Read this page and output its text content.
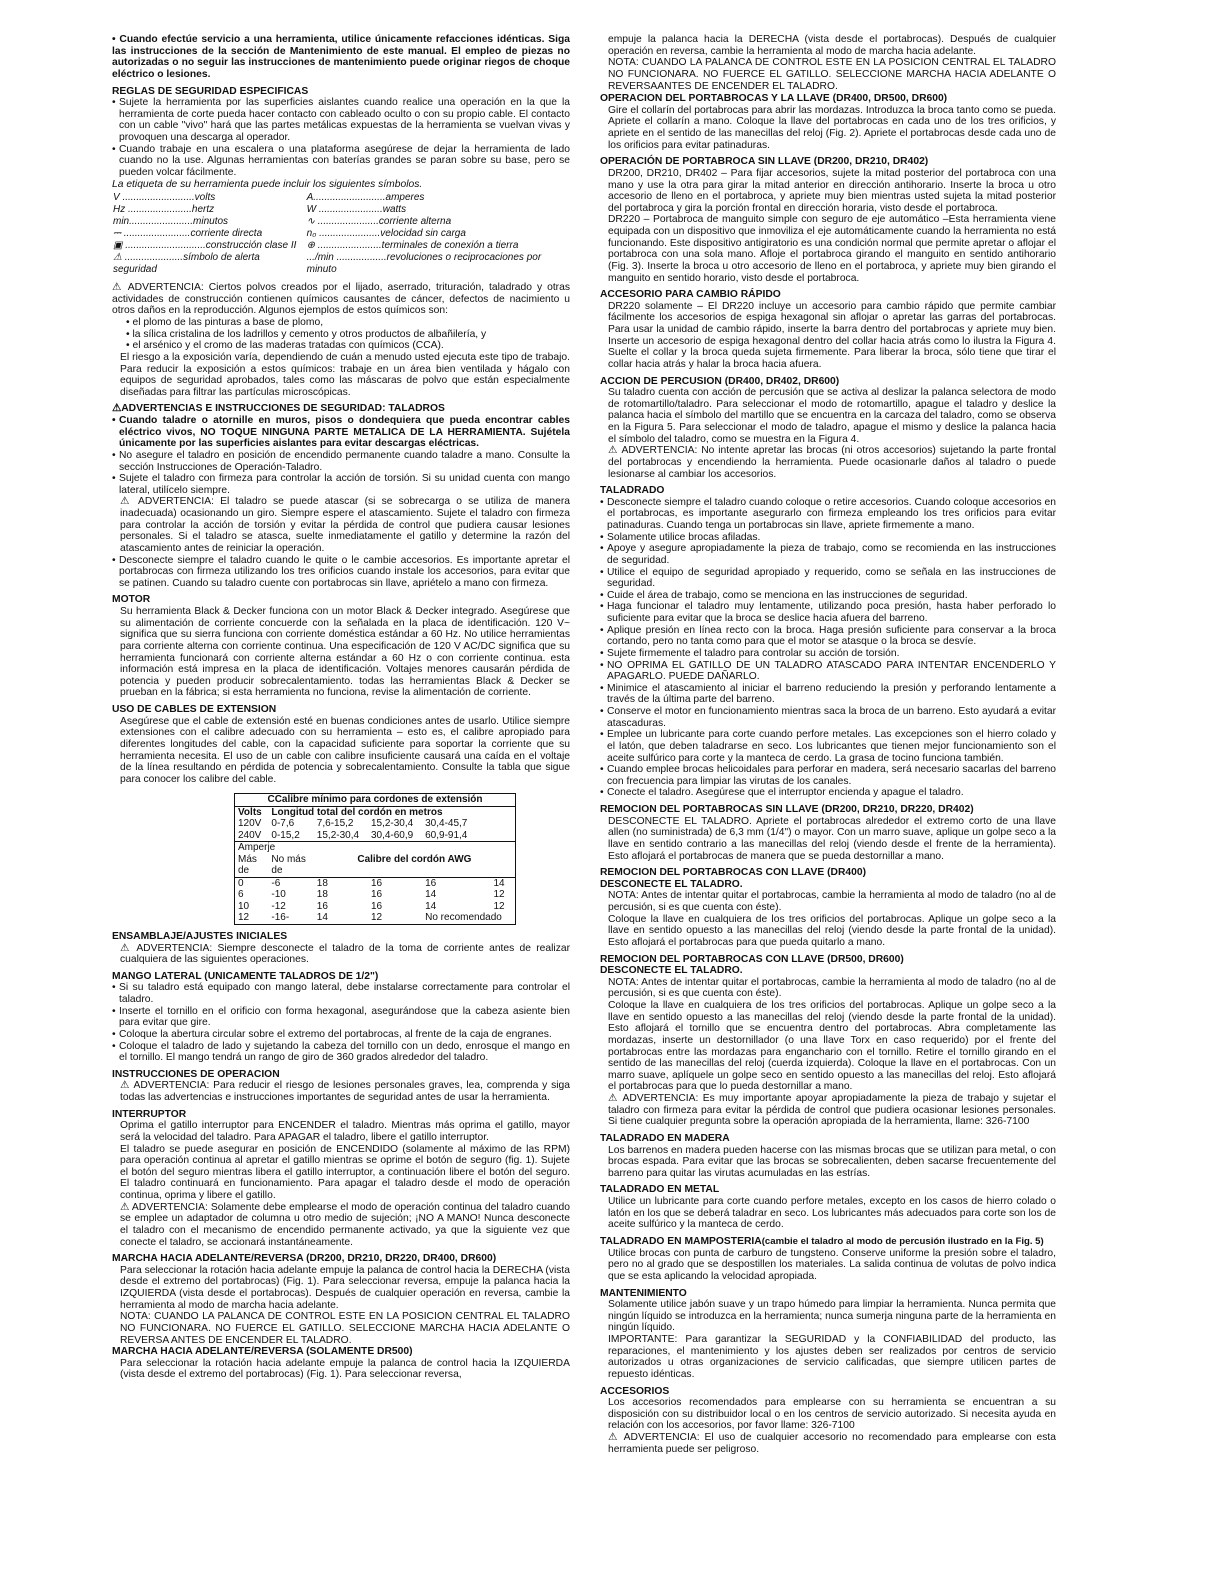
• Cuando efectúe servicio a una herramienta, utilice únicamente refacciones idénticas. Siga las instrucciones de la sección de Mantenimiento de este manual. El empleo de piezas no autorizadas o no seguir las instrucciones de mantenimiento puede originar riegos de choque eléctrico o lesiones.

REGLAS DE SEGURIDAD ESPECIFICAS

• Sujete la herramienta por las superficies aislantes cuando realice una operación en la que la herramienta de corte pueda hacer contacto con cableado oculto o con su propio cable. El contacto con un cable "vivo" hará que las partes metálicas expuestas de la herramienta se vuelvan vivas y provoquen una descarga al operador.

• Cuando trabaje en una escalera o una plataforma asegúrese de dejar la herramienta de lado cuando no la use. Algunas herramientas con baterías grandes se paran sobre su base, pero se pueden volcar fácilmente.

La etiqueta de su herramienta puede incluir los siguientes símbolos.

V ..........................volts	A..........................amperes
Hz .......................hertz	W .......................watts
min.......................minutos	∿ ......................corriente alterna
⎓ ........................corriente directa	n₀ ......................velocidad sin carga
▣ .............................construcción clase II	⊕ .......................terminales de conexión a tierra
⚠ .....................símbolo de alerta seguridad	.../min ..................revoluciones o reciprocaciones por minuto

⚠ ADVERTENCIA: Ciertos polvos creados por el lijado, aserrado, trituración, taladrado y otras actividades de construcción contienen químicos causantes de cáncer, defectos de nacimiento u otros daños en la reproducción. Algunos ejemplos de estos químicos son:

• el plomo de las pinturas a base de plomo,

• la sílica cristalina de los ladrillos y cemento y otros productos de albañilería, y

• el arsénico y el cromo de las maderas tratadas con químicos (CCA).

El riesgo a la exposición varía, dependiendo de cuán a menudo usted ejecuta este tipo de trabajo. Para reducir la exposición a estos químicos: trabaje en un área bien ventilada y hágalo con equipos de seguridad aprobados, tales como las máscaras de polvo que están especialmente diseñadas para filtrar las partículas microscópicas.

⚠ADVERTENCIAS E INSTRUCCIONES DE SEGURIDAD: TALADROS

• Cuando taladre o atornille en muros, pisos o dondequiera que pueda encontrar cables eléctrico vivos, NO TOQUE NINGUNA PARTE METALICA DE LA HERRAMIENTA. Sujétela únicamente por las superficies aislantes para evitar descargas eléctricas.

• No asegure el taladro en posición de encendido permanente cuando taladre a mano. Consulte la sección Instrucciones de Operación-Taladro.

• Sujete el taladro con firmeza para controlar la acción de torsión. Si su unidad cuenta con mango lateral, utilícelo siempre.

⚠ ADVERTENCIA: El taladro se puede atascar (si se sobrecarga o se utiliza de manera inadecuada) ocasionando un giro. Siempre espere el atascamiento. Sujete el taladro con firmeza para controlar la acción de torsión y evitar la pérdida de control que pudiera causar lesiones personales. Si el taladro se atasca, suelte inmediatamente el gatillo y determine la razón del atascamiento antes de reiniciar la operación.

• Desconecte siempre el taladro cuando le quite o le cambie accesorios. Es importante apretar el portabrocas con firmeza utilizando los tres orificios cuando instale los accesorios, para evitar que se patinen. Cuando su taladro cuente con portabrocas sin llave, apriételo a mano con firmeza.

MOTOR

Su herramienta Black & Decker funciona con un motor Black & Decker integrado. Asegúrese que su alimentación de corriente concuerde con la señalada en la placa de identificación. 120 V~ significa que su sierra funciona con corriente doméstica estándar a 60 Hz. No utilice herramientas para corriente alterna con corriente continua. Una especificación de 120 V AC/DC significa que su herramienta funcionará con corriente alterna estándar a 60 Hz o con corriente continua. esta información está impresa en la placa de identificación. Voltajes menores causarán pérdida de potencia y pueden producir sobrecalentamiento. todas las herramientas Black & Decker se prueban en la fábrica; si esta herramienta no funciona, revise la alimentación de corriente.

USO DE CABLES DE EXTENSION

Asegúrese que el cable de extensión esté en buenas condiciones antes de usarlo. Utilice siempre extensiones con el calibre adecuado con su herramienta – esto es, el calibre apropiado para diferentes longitudes del cable, con la capacidad suficiente para soportar la corriente que su herramienta necesita. El uso de un cable con calibre insuficiente causará una caída en el voltaje de la línea resultando en pérdida de potencia y sobrecalentamiento. Consulte la tabla que sigue para conocer los calibre del cable.

CCalibre mínimo para cordones de extensión					
Volts	Longitud total del cordón en metros				
120V	0-7,6	7,6-15,2	15,2-30,4	30,4-45,7	
240V	0-15,2	15,2-30,4	30,4-60,9	60,9-91,4	
Amperje					
Más	No más	Calibre del cordón AWG			
de	de				
0	-6	18	16	16	14
6	-10	18	16	14	12
10	-12	16	16	14	12
12	-16-	14	12	No recomendado	

ENSAMBLAJE/AJUSTES INICIALES

⚠ ADVERTENCIA: Siempre desconecte el taladro de la toma de corriente antes de realizar cualquiera de las siguientes operaciones.

MANGO LATERAL (UNICAMENTE TALADROS DE 1/2")

• Si su taladro está equipado con mango lateral, debe instalarse correctamente para controlar el taladro.

• Inserte el tornillo en el orificio con forma hexagonal, asegurándose que la cabeza asiente bien para evitar que gire.

• Coloque la abertura circular sobre el extremo del portabrocas, al frente de la caja de engranes.

• Coloque el taladro de lado y sujetando la cabeza del tornillo con un dedo, enrosque el mango en el tornillo. El mango tendrá un rango de giro de 360 grados alrededor del taladro.

INSTRUCCIONES DE OPERACION

⚠ ADVERTENCIA: Para reducir el riesgo de lesiones personales graves, lea, comprenda y siga todas las advertencias e instrucciones importantes de seguridad antes de usar la herramienta.

INTERRUPTOR

Oprima el gatillo interruptor para ENCENDER el taladro. Mientras más oprima el gatillo, mayor será la velocidad del taladro. Para APAGAR el taladro, libere el gatillo interruptor.

El taladro se puede asegurar en posición de ENCENDIDO (solamente al máximo de las RPM) para operación continua al apretar el gatillo mientras se oprime el botón de seguro (fig. 1). Sujete el botón del seguro mientras libera el gatillo interruptor, a continuación libere el botón del seguro. El taladro continuará en funcionamiento. Para apagar el taladro desde el modo de operación continua, oprima y libere el gatillo.

⚠ ADVERTENCIA: Solamente debe emplearse el modo de operación continua del taladro cuando se emplee un adaptador de columna u otro medio de sujeción; ¡NO A MANO! Nunca desconecte el taladro con el mecanismo de encendido permanente activado, ya que la siguiente vez que conecte el taladro, se accionará instantáneamente.

MARCHA HACIA ADELANTE/REVERSA (DR200, DR210, DR220, DR400, DR600)

Para seleccionar la rotación hacia adelante empuje la palanca de control hacia la DERECHA (vista desde el extremo del portabrocas) (Fig. 1). Para seleccionar reversa, empuje la palanca hacia la IZQUIERDA (vista desde el portabrocas). Después de cualquier operación en reversa, cambie la herramienta al modo de marcha hacia adelante.

NOTA: CUANDO LA PALANCA DE CONTROL ESTE EN LA POSICION CENTRAL EL TALADRO NO FUNCIONARA. NO FUERCE EL GATILLO. SELECCIONE MARCHA HACIA ADELANTE O REVERSA ANTES DE ENCENDER EL TALADRO.

MARCHA HACIA ADELANTE/REVERSA (SOLAMENTE DR500)

Para seleccionar la rotación hacia adelante empuje la palanca de control hacia la IZQUIERDA (vista desde el extremo del portabrocas) (Fig. 1). Para seleccionar reversa,

empuje la palanca hacia la DERECHA (vista desde el portabrocas). Después de cualquier operación en reversa, cambie la herramienta al modo de marcha hacia adelante.

NOTA: CUANDO LA PALANCA DE CONTROL ESTE EN LA POSICION CENTRAL EL TALADRO NO FUNCIONARA. NO FUERCE EL GATILLO. SELECCIONE MARCHA HACIA ADELANTE O REVERSAANTES DE ENCENDER EL TALADRO.

OPERACION DEL PORTABROCAS Y LA LLAVE (DR400, DR500, DR600)

Gire el collarín del portabrocas para abrir las mordazas. Introduzca la broca tanto como se pueda. Apriete el collarín a mano. Coloque la llave del portabrocas en cada uno de los tres orificios, y apriete en el sentido de las manecillas del reloj (Fig. 2). Apriete el portabrocas desde cada uno de los orificios para evitar patinaduras.

OPERACIÓN DE PORTABROCA SIN LLAVE (DR200, DR210, DR402)

DR200, DR210, DR402 – Para fijar accesorios, sujete la mitad posterior del portabroca con una mano y use la otra para girar la mitad anterior en dirección antihorario. Inserte la broca u otro accesorio de lleno en el portabroca, y apriete muy bien mientras usted sujeta la mitad posterior del portabroca y gira la porción frontal en dirección horaria, visto desde el portabroca.

DR220 – Portabroca de manguito simple con seguro de eje automático –Esta herramienta viene equipada con un dispositivo que inmoviliza el eje automáticamente cuando la herramienta no está funcionando. Este dispositivo antigiratorio es una condición normal que permite apretar o aflojar el portabroca con una sola mano. Afloje el portabroca girando el manguito en sentido antihorario (Fig. 3). Inserte la broca u otro accesorio de lleno en el portabroca, y apriete muy bien girando el manguito en sentido horario, visto desde el portabroca.

ACCESORIO PARA CAMBIO RÁPIDO

DR220 solamente – El DR220 incluye un accesorio para cambio rápido que permite cambiar fácilmente los accesorios de espiga hexagonal sin aflojar o apretar las garras del portabrocas. Para usar la unidad de cambio rápido, inserte la barra dentro del portabrocas y apriete muy bien. Inserte un accesorio de espiga hexagonal dentro del collar hacia atrás como lo ilustra la Figura 4. Suelte el collar y la broca queda sujeta firmemente. Para liberar la broca, sólo tiene que tirar el collar hacia atrás y halar la broca hacia afuera.

ACCION DE PERCUSION (DR400, DR402, DR600)

Su taladro cuenta con acción de percusión que se activa al deslizar la palanca selectora de modo de rotomartillo/taladro. Para seleccionar el modo de rotomartillo, apague el taladro y deslice la palanca hacia el símbolo del martillo que se encuentra en la carcaza del taladro, como se observa en la Figura 5. Para seleccionar el modo de taladro, apague el mismo y deslice la palanca hacia el símbolo del taladro, como se muestra en la Figura 4.

⚠ ADVERTENCIA: No intente apretar las brocas (ni otros accesorios) sujetando la parte frontal del portabrocas y encendiendo la herramienta. Puede ocasionarle daños al taladro o puede lesionarse al cambiar los accesorios.

TALADRADO

• Desconecte siempre el taladro cuando coloque o retire accesorios. Cuando coloque accesorios en el portabrocas, es importante asegurarlo con firmeza empleando los tres orificios para evitar patinaduras. Cuando tenga un portabrocas sin llave, apriete firmemente a mano.

• Solamente utilice brocas afiladas.

• Apoye y asegure apropiadamente la pieza de trabajo, como se recomienda en las instrucciones de seguridad.

• Utilice el equipo de seguridad apropiado y requerido, como se señala en las instrucciones de seguridad.

• Cuide el área de trabajo, como se menciona en las instrucciones de seguridad.

• Haga funcionar el taladro muy lentamente, utilizando poca presión, hasta haber perforado lo suficiente para evitar que la broca se deslice hacia afuera del barreno.

• Aplique presión en línea recto con la broca. Haga presión suficiente para conservar a la broca cortando, pero no tanta como para que el motor se atasque o la broca se desvíe.

• Sujete firmemente el taladro para controlar su acción de torsión.

• NO OPRIMA EL GATILLO DE UN TALADRO ATASCADO PARA INTENTAR ENCENDERLO Y APAGARLO. PUEDE DAÑARLO.

• Minimice el atascamiento al iniciar el barreno reduciendo la presión y perforando lentamente a través de la última parte del barreno.

• Conserve el motor en funcionamiento mientras saca la broca de un barreno. Esto ayudará a evitar atascaduras.

• Emplee un lubricante para corte cuando perfore metales. Las excepciones son el hierro colado y el latón, que deben taladrarse en seco. Los lubricantes que tienen mejor funcionamiento son el aceite sulfúrico para corte y la manteca de cerdo. La grasa de tocino funciona también.

• Cuando emplee brocas helicoidales para perforar en madera, será necesario sacarlas del barreno con frecuencia para limpiar las virutas de los canales.

• Conecte el taladro. Asegúrese que el interruptor encienda y apague el taladro.

REMOCION DEL PORTABROCAS SIN LLAVE (DR200, DR210, DR220, DR402)

DESCONECTE EL TALADRO. Apriete el portabrocas alrededor el extremo corto de una llave allen (no suministrada) de 6,3 mm (1/4") o mayor. Con un marro suave, aplique un golpe seco a la llave en sentido contrario a las manecillas del reloj (viendo desde el frente de la herramienta). Esto aflojará el portabrocas de manera que se pueda destornillar a mano.

REMOCION DEL PORTABROCAS CON LLAVE (DR400)

DESCONECTE EL TALADRO.

NOTA: Antes de intentar quitar el portabrocas, cambie la herramienta al modo de taladro (no al de percusión, si es que cuenta con éste).

Coloque la llave en cualquiera de los tres orificios del portabrocas. Aplique un golpe seco a la llave en sentido opuesto a las manecillas del reloj (viendo desde la parte frontal de la unidad). Esto aflojará el portabrocas para que pueda quitarlo a mano.

REMOCION DEL PORTABROCAS CON LLAVE (DR500, DR600)

DESCONECTE EL TALADRO.

NOTA: Antes de intentar quitar el portabrocas, cambie la herramienta al modo de taladro (no al de percusión, si es que cuenta con éste).

Coloque la llave en cualquiera de los tres orificios del portabrocas. Aplique un golpe seco a la llave en sentido opuesto a las manecillas del reloj (viendo desde la parte frontal de la unidad). Esto aflojará el tornillo que se encuentra dentro del portabrocas. Abra completamente las mordazas, inserte un destornillador (o una llave Torx en caso requerido) por el frente del portabrocas entre las mordazas para enganchario con el tornillo. Retire el tornillo girando en el sentido de las manecillas del reloj (cuerda izquierda). Coloque la llave en el portabrocas. Con un marro suave, aplíquele un golpe seco en sentido opuesto a las manecillas del reloj. Esto aflojará el portabrocas para que lo pueda destornillar a mano.

⚠ ADVERTENCIA: Es muy importante apoyar apropiadamente la pieza de trabajo y sujetar el taladro con firmeza para evitar la pérdida de control que pudiera ocasionar lesiones personales. Si tiene cualquier pregunta sobre la operación apropiada de la herramienta, llame: 326-7100

TALADRADO EN MADERA

Los barrenos en madera pueden hacerse con las mismas brocas que se utilizan para metal, o con brocas espada. Para evitar que las brocas se sobrecalienten, deben sacarse frecuentemente del barreno para quitar las virutas acumuladas en las estrías.

TALADRADO EN METAL

Utilice un lubricante para corte cuando perfore metales, excepto en los casos de hierro colado o latón en los que se deberá taladrar en seco. Los lubricantes más adecuados para corte son los de aceite sulfúrico y la manteca de cerdo.

TALADRADO EN MAMPOSTERIA(cambie el taladro al modo de percusión ilustrado en la Fig. 5)

Utilice brocas con punta de carburo de tungsteno. Conserve uniforme la presión sobre el taladro, pero no al grado que se despostillen los materiales. La salida continua de volutas de polvo indica que se esta aplicando la velocidad apropiada.

MANTENIMIENTO

Solamente utilice jabón suave y un trapo húmedo para limpiar la herramienta. Nunca permita que ningún líquido se introduzca en la herramienta; nunca sumerja ninguna parte de la herramienta en ningún líquido.

IMPORTANTE: Para garantizar la SEGURIDAD y la CONFIABILIDAD del producto, las reparaciones, el mantenimiento y los ajustes deben ser realizados por centros de servicio autorizados u otras organizaciones de servicio calificadas, que siempre utilicen partes de repuesto idénticas.

ACCESORIOS

Los accesorios recomendados para emplearse con su herramienta se encuentran a su disposición con su distribuidor local o en los centros de servicio autorizado. Si necesita ayuda en relación con los accesorios, por favor llame: 326-7100

⚠ ADVERTENCIA: El uso de cualquier accesorio no recomendado para emplearse con esta herramienta puede ser peligroso.
